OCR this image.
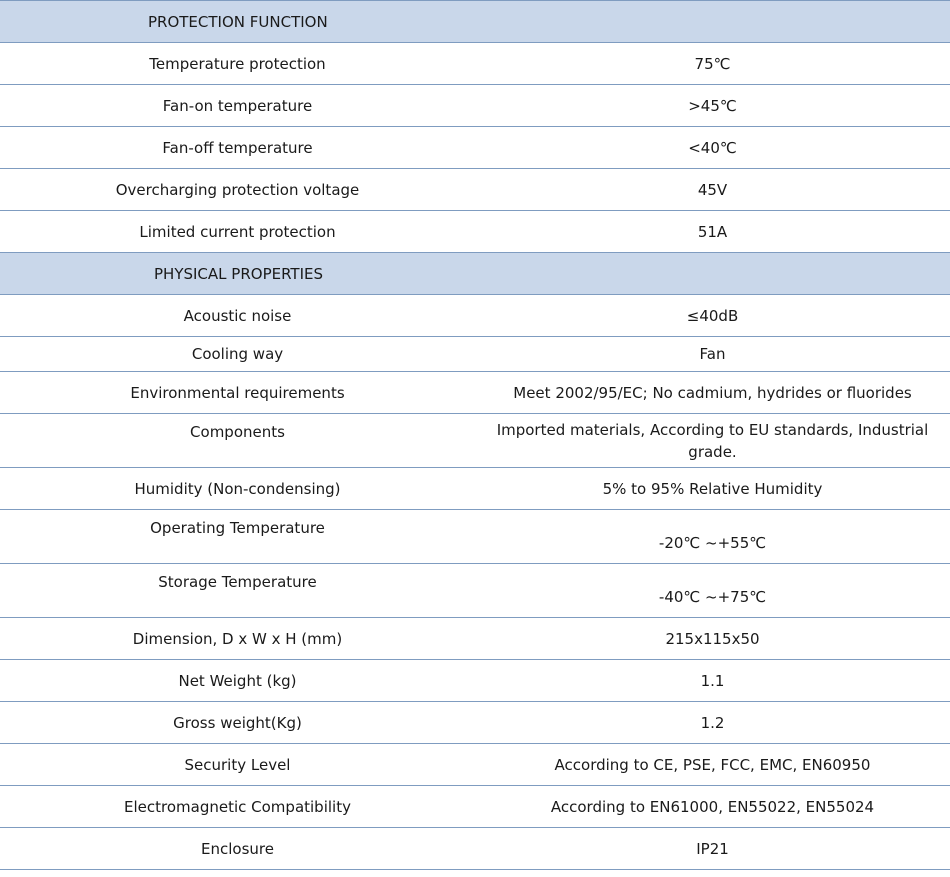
PROTECTION FUNCTION	
Temperature protection	75℃
Fan-on temperature	>45℃
Fan-off temperature	<40℃
Overcharging protection voltage	45V
Limited current protection	51A
PHYSICAL PROPERTIES	
Acoustic noise	≤40dB
Cooling way	Fan
Environmental requirements	Meet 2002/95/EC; No cadmium, hydrides or fluorides
Components	Imported materials, According to EU standards, Industrial grade.
Humidity (Non-condensing)	5% to 95% Relative Humidity
Operating Temperature	-20℃ ~+55℃
Storage Temperature	-40℃ ~+75℃
Dimension, D x W x H (mm)	215x115x50
Net Weight (kg)	1.1
Gross weight(Kg)	1.2
Security Level	According to CE, PSE, FCC, EMC, EN60950
Electromagnetic Compatibility	According to EN61000, EN55022, EN55024
Enclosure	IP21
